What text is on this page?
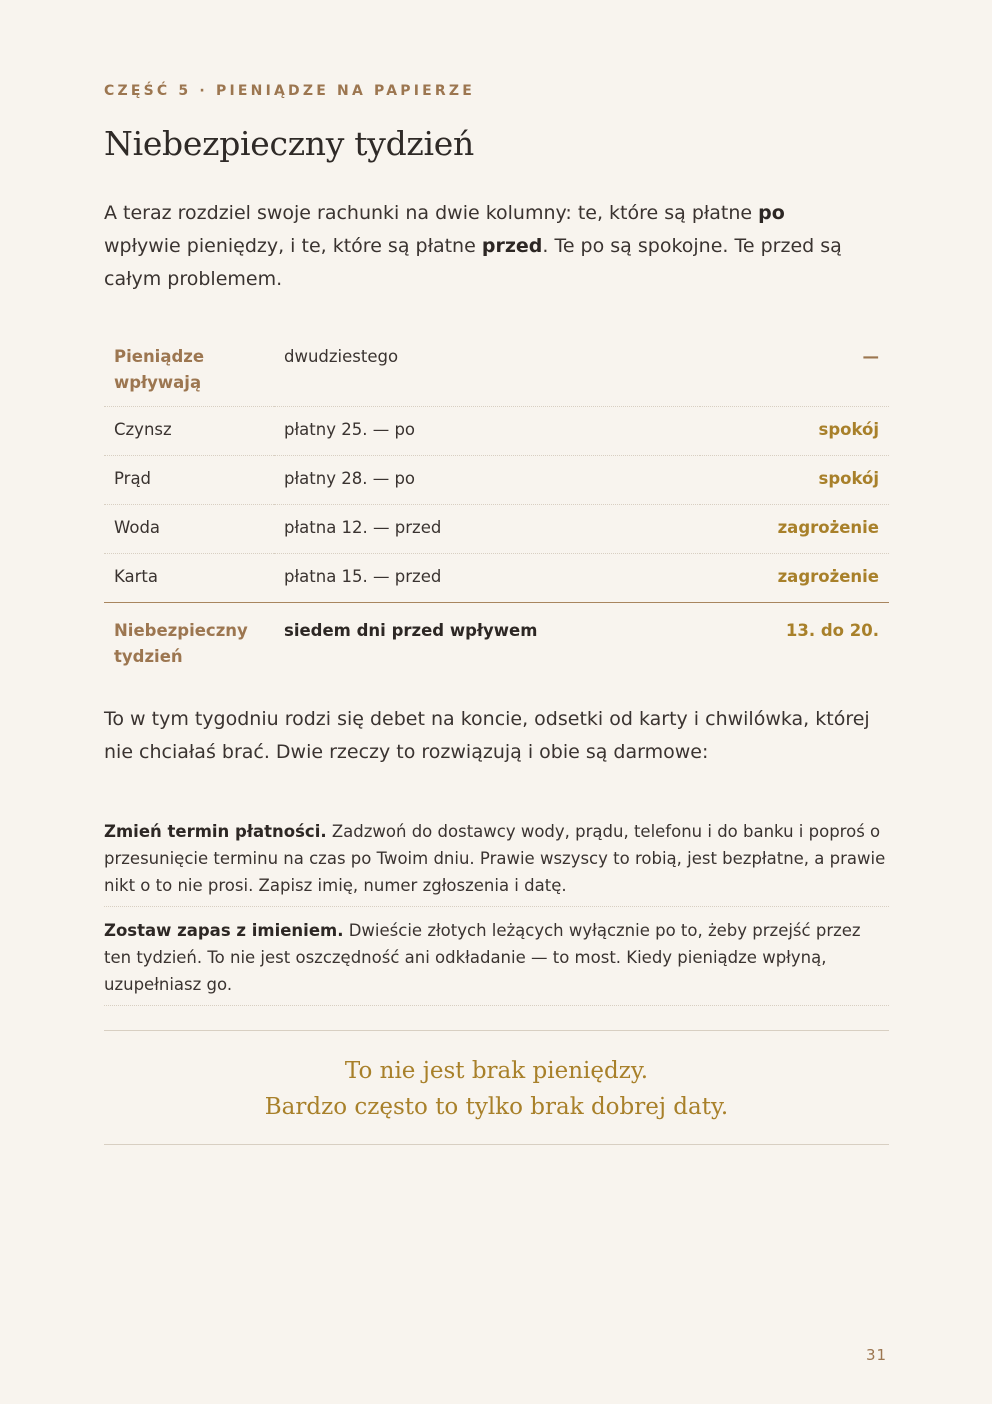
CZĘŚĆ 5 · PIENIĄDZE NA PAPIERZE
Niebezpieczny tydzień

A teraz rozdziel swoje rachunki na dwie kolumny: te, które są płatne po wpływie pieniędzy, i te, które są płatne przed. Te po są spokojne. Te przed są całym problemem.

Pieniądze wpływają	dwudziestego	—
Czynsz	płatny 25. — po	spokój
Prąd	płatny 28. — po	spokój
Woda	płatna 12. — przed	zagrożenie
Karta	płatna 15. — przed	zagrożenie
Niebezpieczny tydzień	siedem dni przed wpływem	13. do 20.

To w tym tygodniu rodzi się debet na koncie, odsetki od karty i chwilówka, której nie chciałaś brać. Dwie rzeczy to rozwiązują i obie są darmowe:

Zmień termin płatności. Zadzwoń do dostawcy wody, prądu, telefonu i do banku i poproś o przesunięcie terminu na czas po Twoim dniu. Prawie wszyscy to robią, jest bezpłatne, a prawie nikt o to nie prosi. Zapisz imię, numer zgłoszenia i datę.

Zostaw zapas z imieniem. Dwieście złotych leżących wyłącznie po to, żeby przejść przez ten tydzień. To nie jest oszczędność ani odkładanie — to most. Kiedy pieniądze wpłyną, uzupełniasz go.

To nie jest brak pieniędzy.
Bardzo często to tylko brak dobrej daty.
31
